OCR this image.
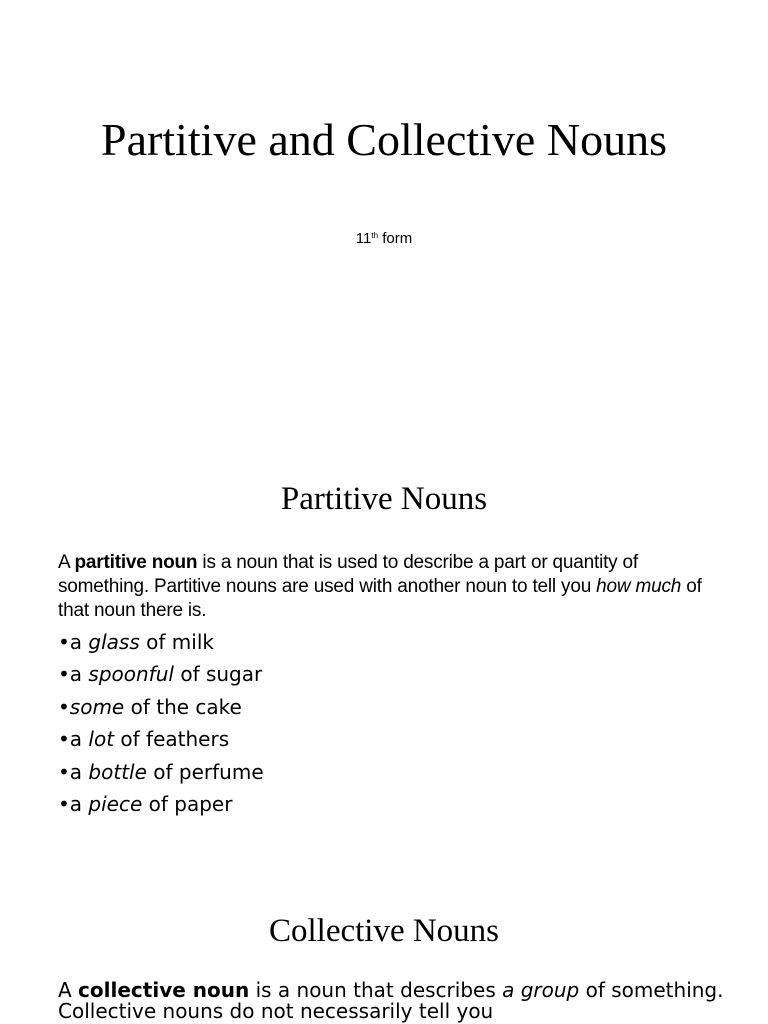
Partitive and Collective Nouns
11th form
Partitive Nouns
A partitive noun is a noun that is used to describe a part or quantity of something. Partitive nouns are used with another noun to tell you how much of that noun there is.
•a glass of milk
•a spoonful of sugar
•some of the cake
•a lot of feathers
•a bottle of perfume
•a piece of paper
Collective Nouns
A collective noun is a noun that describes a group of something. Collective nouns do not necessarily tell you
